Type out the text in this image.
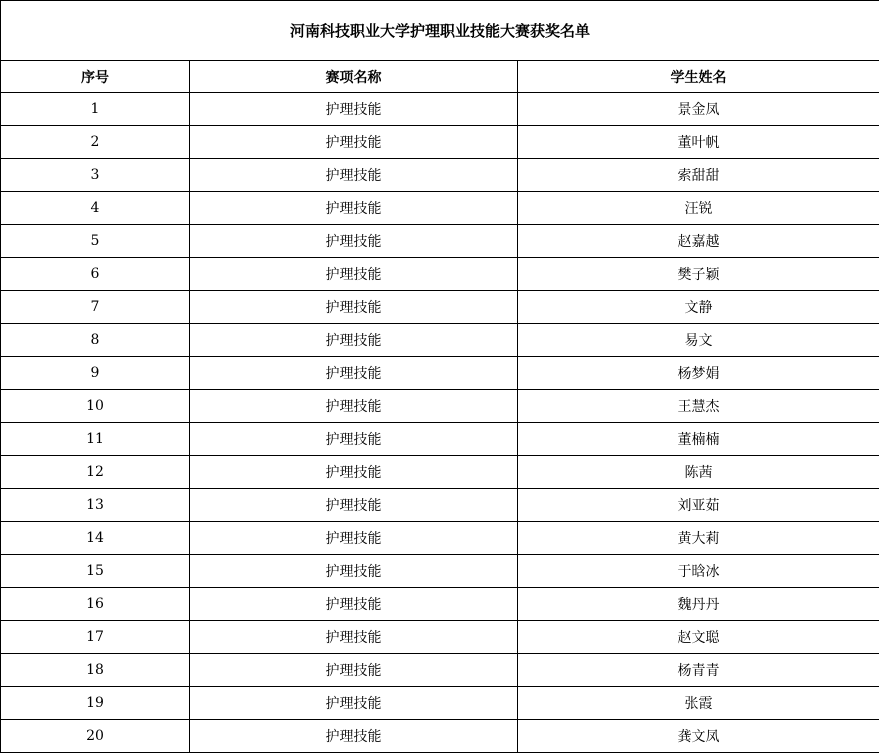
河南科技职业大学护理职业技能大赛获奖名单		
序号	赛项名称	学生姓名
1	护理技能	景金凤
2	护理技能	董叶帆
3	护理技能	索甜甜
4	护理技能	汪锐
5	护理技能	赵嘉越
6	护理技能	樊子颖
7	护理技能	文静
8	护理技能	易文
9	护理技能	杨梦娟
10	护理技能	王慧杰
11	护理技能	董楠楠
12	护理技能	陈茜
13	护理技能	刘亚茹
14	护理技能	黄大莉
15	护理技能	于晗冰
16	护理技能	魏丹丹
17	护理技能	赵文聪
18	护理技能	杨青青
19	护理技能	张霞
20	护理技能	龚文凤
